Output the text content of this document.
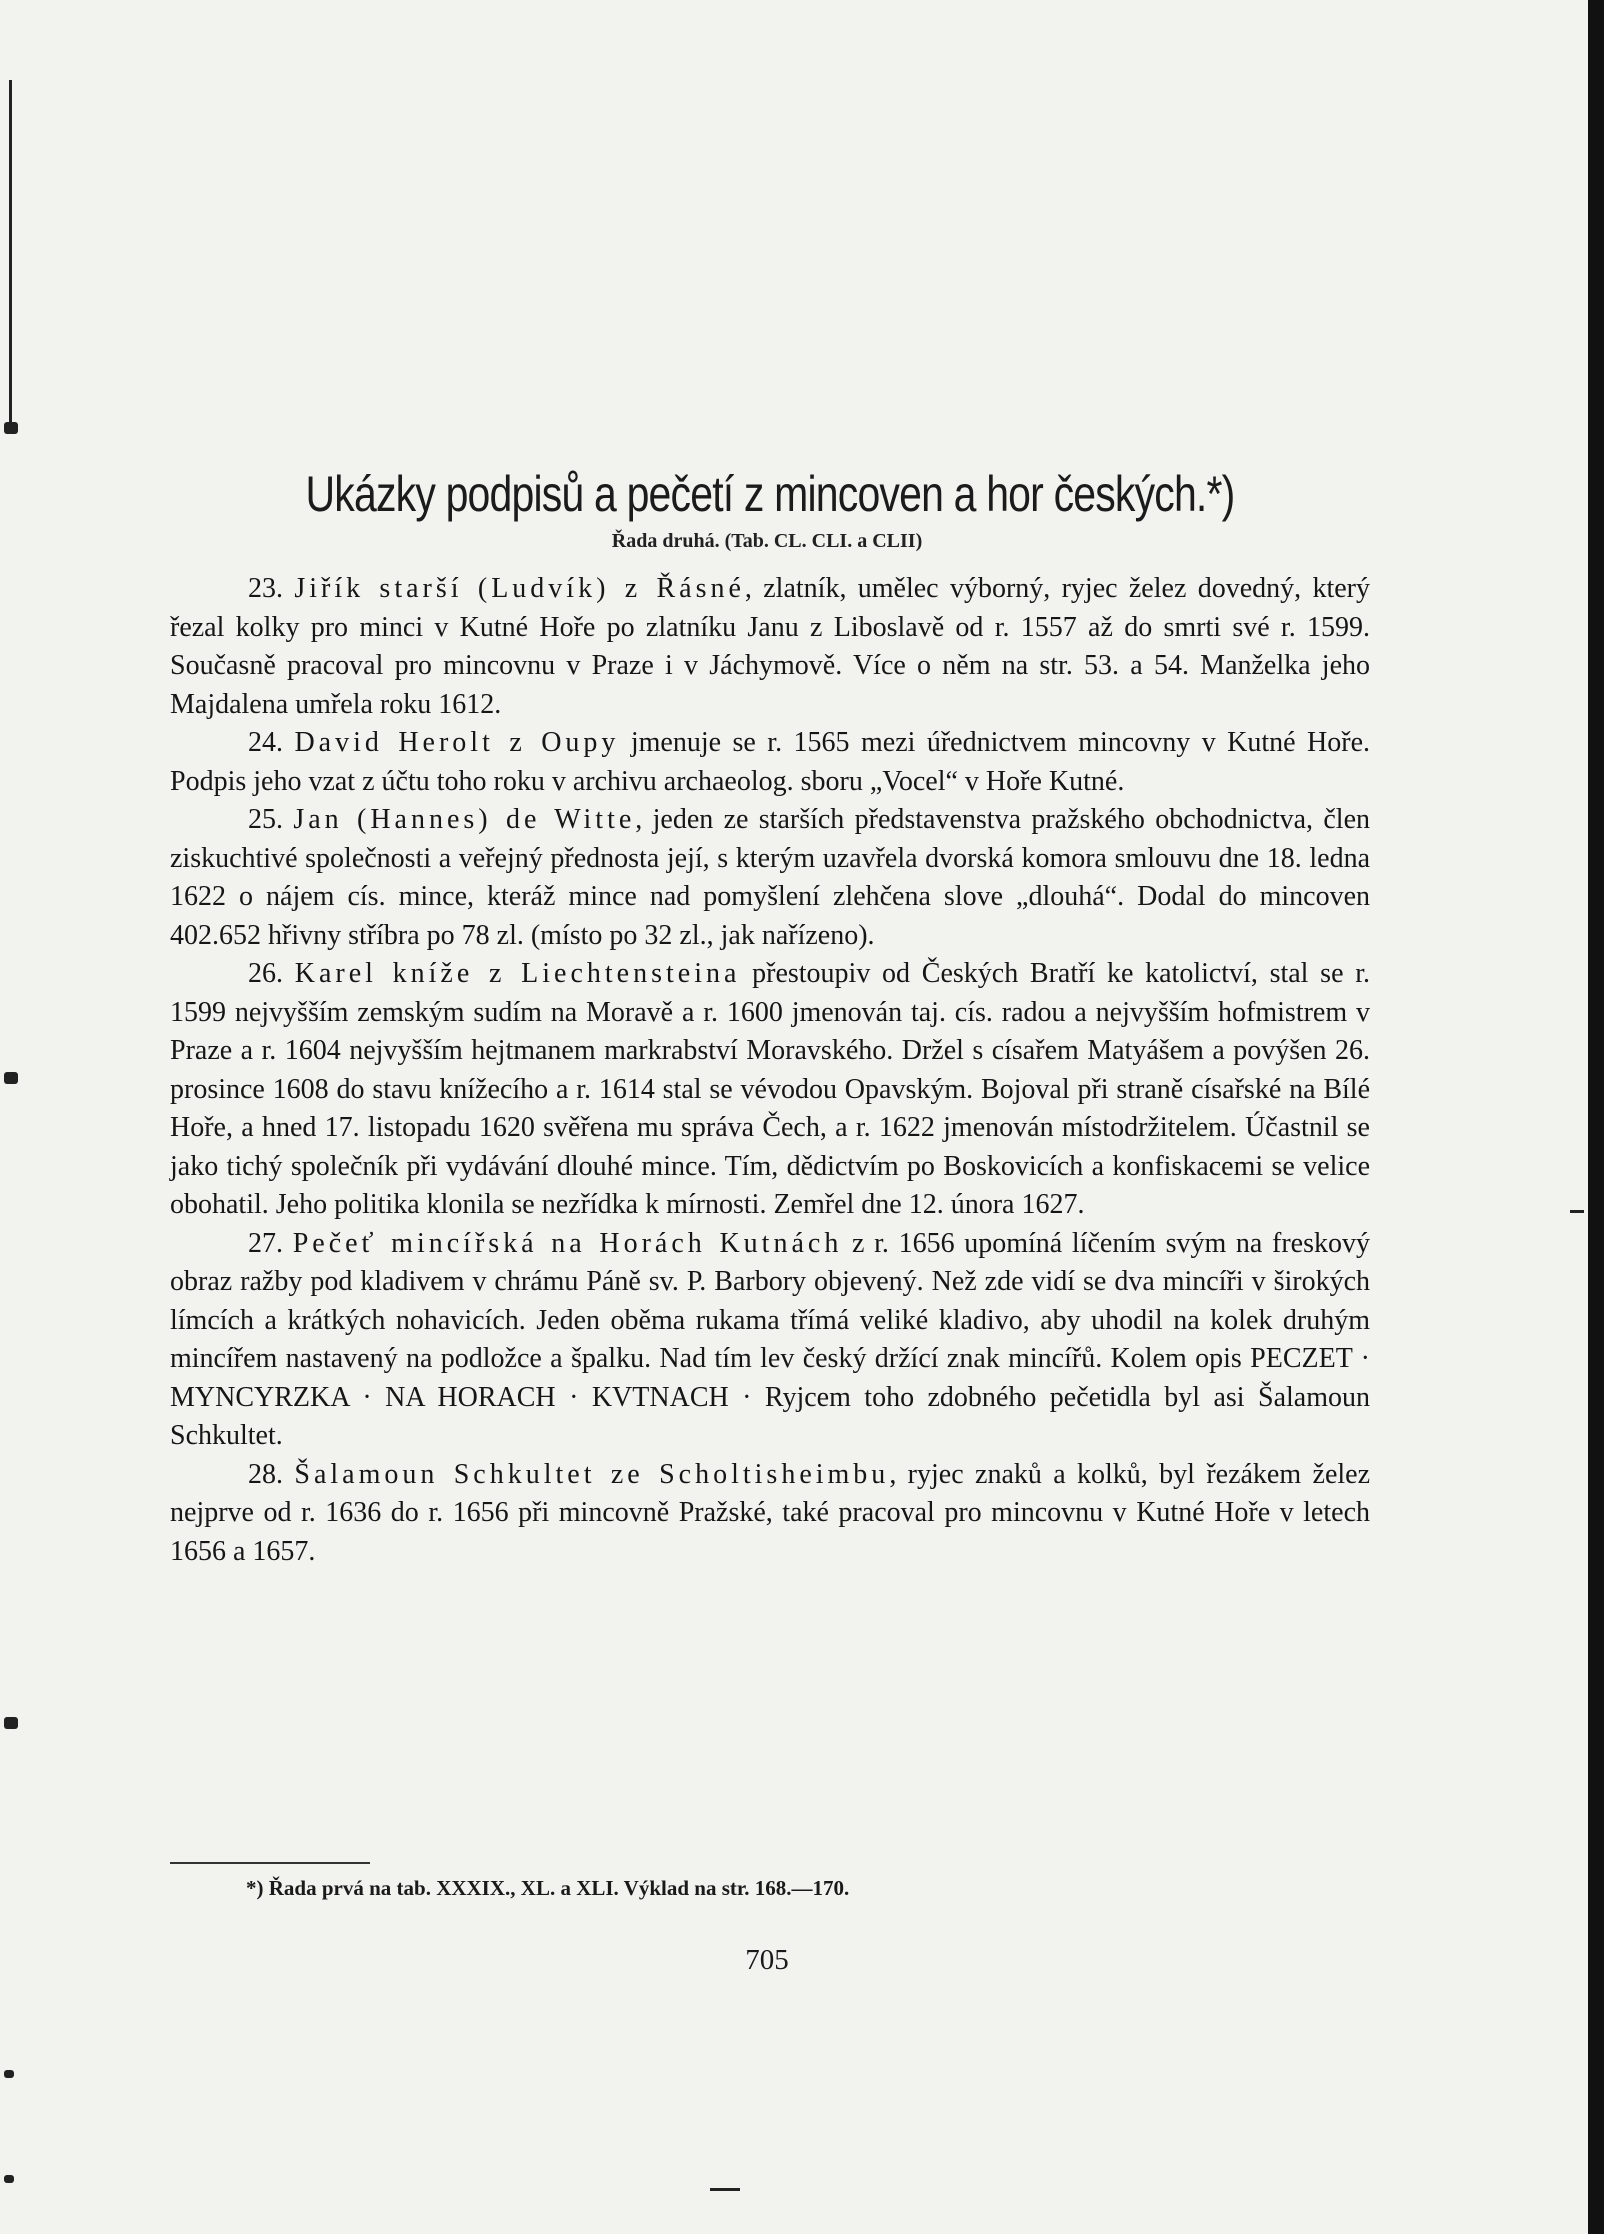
Ukázky podpisů a pečetí z mincoven a hor českých.*)
Řada druhá. (Tab. CL. CLI. a CLII)

23. Jiřík starší (Ludvík) z Řásné, zlatník, umělec výborný, ryjec želez dovedný, který řezal kolky pro minci v Kutné Hoře po zlatníku Janu z Liboslavě od r. 1557 až do smrti své r. 1599. Současně pracoval pro mincovnu v Praze i v Jáchymově. Více o něm na str. 53. a 54. Manželka jeho Majdalena umřela roku 1612.

24. David Herolt z Oupy jmenuje se r. 1565 mezi úřednictvem mincovny v Kutné Hoře. Podpis jeho vzat z účtu toho roku v archivu archaeolog. sboru „Vocel“ v Hoře Kutné.

25. Jan (Hannes) de Witte, jeden ze starších představenstva pražského obchodnictva, člen ziskuchtivé společnosti a veřejný přednosta její, s kterým uzavřela dvorská komora smlouvu dne 18. ledna 1622 o nájem cís. mince, kteráž mince nad pomyšlení zlehčena slove „dlouhá“. Dodal do mincoven 402.652 hřivny stříbra po 78 zl. (místo po 32 zl., jak nařízeno).

26. Karel kníže z Liechtensteina přestoupiv od Českých Bratří ke katolictví, stal se r. 1599 nejvyšším zemským sudím na Moravě a r. 1600 jmenován taj. cís. radou a nejvyšším hofmistrem v Praze a r. 1604 nejvyšším hejtmanem markrabství Moravského. Držel s císařem Matyášem a povýšen 26. prosince 1608 do stavu knížecího a r. 1614 stal se vévodou Opavským. Bojoval při straně císařské na Bílé Hoře, a hned 17. listopadu 1620 svěřena mu správa Čech, a r. 1622 jmenován místodržitelem. Účastnil se jako tichý společník při vydávání dlouhé mince. Tím, dědictvím po Boskovicích a konfiskacemi se velice obohatil. Jeho politika klonila se nezřídka k mírnosti. Zemřel dne 12. února 1627.

27. Pečeť mincířská na Horách Kutnách z r. 1656 upomíná líčením svým na freskový obraz ražby pod kladivem v chrámu Páně sv. P. Barbory objevený. Než zde vidí se dva mincíři v širokých límcích a krátkých nohavicích. Jeden oběma rukama třímá veliké kladivo, aby uhodil na kolek druhým mincířem nastavený na podložce a špalku. Nad tím lev český držící znak mincířů. Kolem opis PECZET · MYNCYRZKA · NA HORACH · KVTNACH · Ryjcem toho zdobného pečetidla byl asi Šalamoun Schkultet.

28. Šalamoun Schkultet ze Scholtisheimbu, ryjec znaků a kolků, byl řezákem želez nejprve od r. 1636 do r. 1656 při mincovně Pražské, také pracoval pro mincovnu v Kutné Hoře v letech 1656 a 1657.

*) Řada prvá na tab. XXXIX., XL. a XLI. Výklad na str. 168.—170.
705
